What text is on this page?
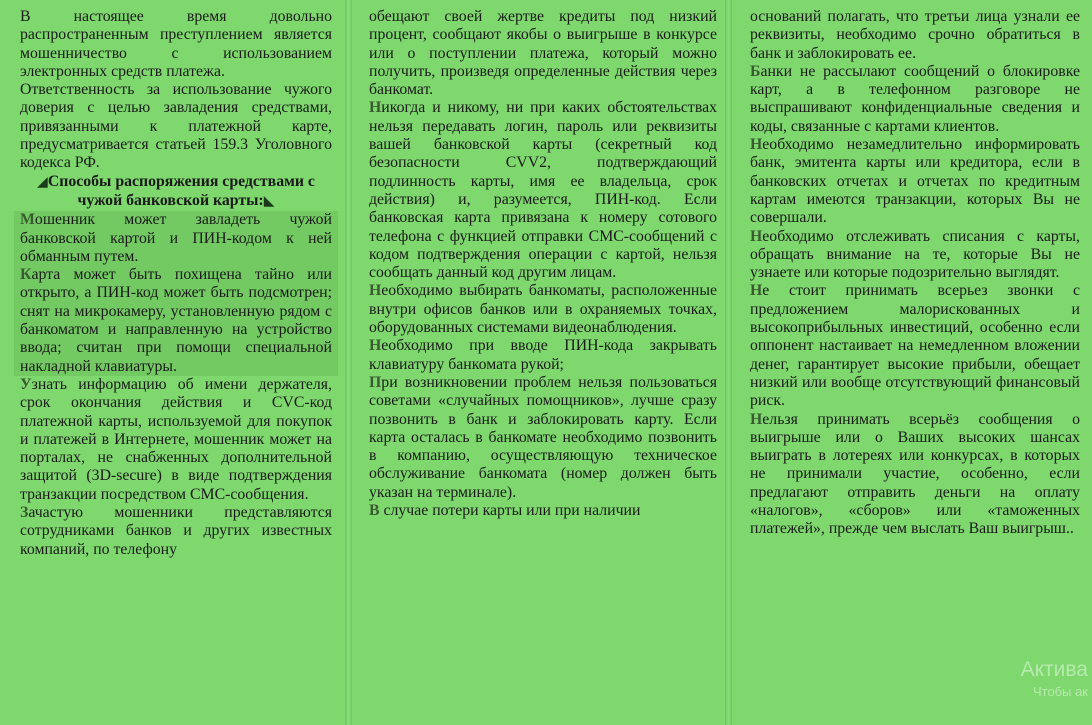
В настоящее время довольно распространенным преступлением является мошенничество с использованием электронных средств платежа.

Ответственность за использование чужого доверия с целью завладения средствами, привязанными к платежной карте, предусматривается статьей 159.3 Уголовного кодекса РФ.

◢Способы распоряжения средствами с чужой банковской карты:◣

Мошенник может завладеть чужой банковской картой и ПИН-кодом к ней обманным путем.

Карта может быть похищена тайно или открыто, а ПИН-код может быть подсмотрен; снят на микрокамеру, установленную рядом с банкоматом и направленную на устройство ввода; считан при помощи специальной накладной клавиатуры.

Узнать информацию об имени держателя, срок окончания действия и CVC-код платежной карты, используемой для покупок и платежей в Интернете, мошенник может на порталах, не снабженных дополнительной защитой (3D-secure) в виде подтверждения транзакции посредством СМС-сообщения.

Зачастую мошенники представляются сотрудниками банков и других известных компаний, по телефону

обещают своей жертве кредиты под низкий процент, сообщают якобы о выигрыше в конкурсе или о поступлении платежа, который можно получить, произведя определенные действия через банкомат.

Никогда и никому, ни при каких обстоятельствах нельзя передавать логин, пароль или реквизиты вашей банковской карты (секретный код безопасности CVV2, подтверждающий подлинность карты, имя ее владельца, срок действия) и, разумеется, ПИН-код. Если банковская карта привязана к номеру сотового телефона с функцией отправки СМС-сообщений с кодом подтверждения операции с картой, нельзя сообщать данный код другим лицам.

Необходимо выбирать банкоматы, расположенные внутри офисов банков или в охраняемых точках, оборудованных системами видеонаблюдения.

Необходимо при вводе ПИН-кода закрывать клавиатуру банкомата рукой;

При возникновении проблем нельзя пользоваться советами «случайных помощников», лучше сразу позвонить в банк и заблокировать карту. Если карта осталась в банкомате необходимо позвонить в компанию, осуществляющую техническое обслуживание банкомата (номер должен быть указан на терминале).

В случае потери карты или при наличии

оснований полагать, что третьи лица узнали ее реквизиты, необходимо срочно обратиться в банк и заблокировать ее.

Банки не рассылают сообщений о блокировке карт, а в телефонном разговоре не выспрашивают конфиденциальные сведения и коды, связанные с картами клиентов.

Необходимо незамедлительно информировать банк, эмитента карты или кредитора, если в банковских отчетах и отчетах по кредитным картам имеются транзакции, которых Вы не совершали.

Необходимо отслеживать списания с карты, обращать внимание на те, которые Вы не узнаете или которые подозрительно выглядят.

Не стоит принимать всерьез звонки с предложением малорискованных и высокоприбыльных инвестиций, особенно если оппонент настаивает на немедленном вложении денег, гарантирует высокие прибыли, обещает низкий или вообще отсутствующий финансовый риск.

Нельзя принимать всерьёз сообщения о выигрыше или о Ваших высоких шансах выиграть в лотереях или конкурсах, в которых не принимали участие, особенно, если предлагают отправить деньги на оплату «налогов», «сборов» или «таможенных платежей», прежде чем выслать Ваш выигрыш..

Актива
Чтобы ак
